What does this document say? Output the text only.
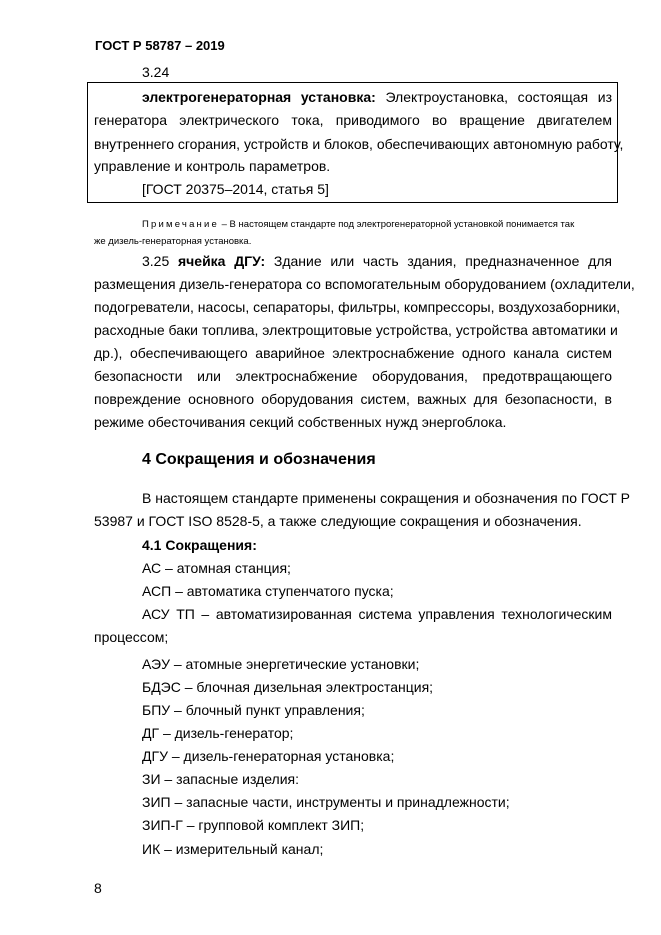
ГОСТ Р 58787 – 2019
3.24
электрогенераторная установка: Электроустановка, состоящая из
генератора электрического тока, приводимого во вращение двигателем
внутреннего сгорания, устройств и блоков, обеспечивающих автономную работу,
управление и контроль параметров.
[ГОСТ 20375–2014, статья 5]
Примечание – В настоящем стандарте под электрогенераторной установкой понимается так
же дизель-генераторная установка.
3.25 ячейка ДГУ: Здание или часть здания, предназначенное для
размещения дизель-генератора со вспомогательным оборудованием (охладители,
подогреватели, насосы, сепараторы, фильтры, компрессоры, воздухозаборники,
расходные баки топлива, электрощитовые устройства, устройства автоматики и
др.), обеспечивающего аварийное электроснабжение одного канала систем
безопасности или электроснабжение оборудования, предотвращающего
повреждение основного оборудования систем, важных для безопасности, в
режиме обесточивания секций собственных нужд энергоблока.
4 Сокращения и обозначения
В настоящем стандарте применены сокращения и обозначения по ГОСТ Р
53987 и ГОСТ ISO 8528-5, а также следующие сокращения и обозначения.
4.1 Сокращения:
АС – атомная станция;
АСП – автоматика ступенчатого пуска;
АСУ ТП – автоматизированная система управления технологическим
процессом;
АЭУ – атомные энергетические установки;
БДЭС – блочная дизельная электростанция;
БПУ – блочный пункт управления;
ДГ – дизель-генератор;
ДГУ – дизель-генераторная установка;
ЗИ – запасные изделия:
ЗИП – запасные части, инструменты и принадлежности;
ЗИП-Г – групповой комплект ЗИП;
ИК – измерительный канал;
8
